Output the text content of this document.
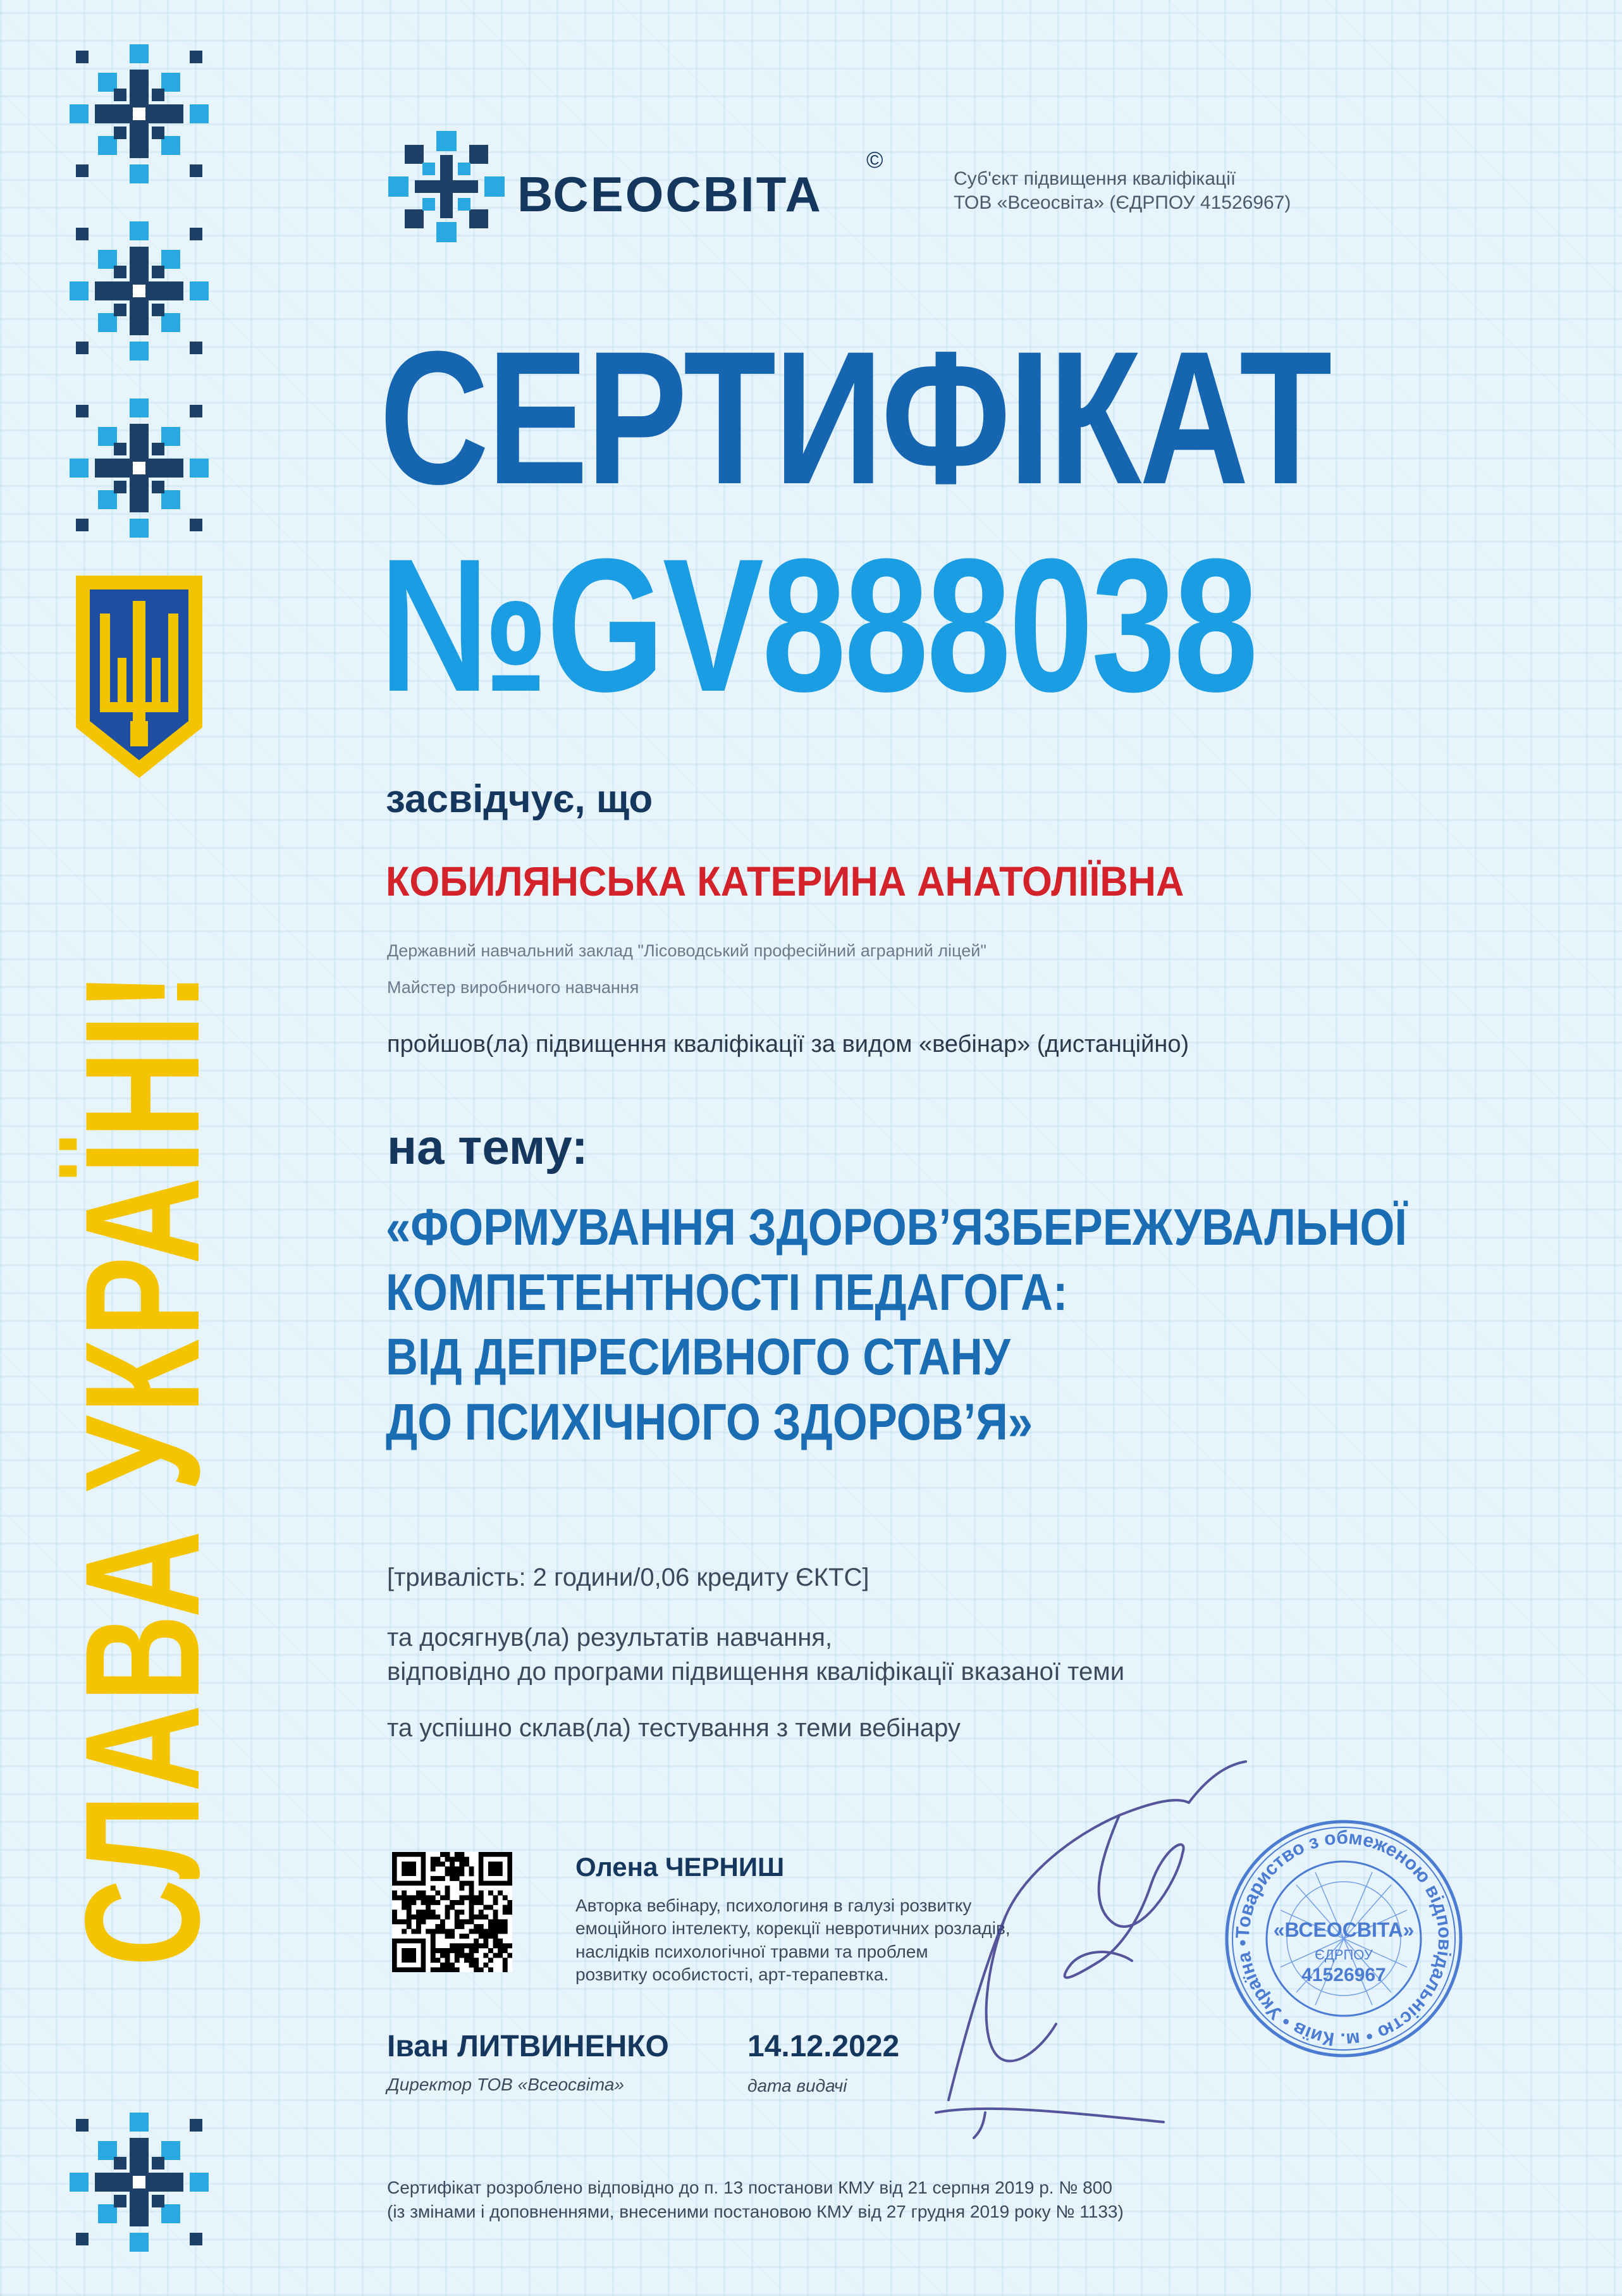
СЛАВА УКРАЇНІ!
ВСЕОСВІТА
©
Суб'єкт підвищення кваліфікації
ТОВ «Всеосвіта» (ЄДРПОУ 41526967)
СЕРТИФІКАТ
№GV888038
засвідчує, що
КОБИЛЯНСЬКА КАТЕРИНА АНАТОЛІЇВНА
Державний навчальний заклад "Лісоводський професійний аграрний ліцей"
Майстер виробничого навчання
пройшов(ла) підвищення кваліфікації за видом «вебінар» (дистанційно)
на тему:
«ФОРМУВАННЯ ЗДОРОВ’ЯЗБЕРЕЖУВАЛЬНОЇ
КОМПЕТЕНТНОСТІ ПЕДАГОГА:
ВІД ДЕПРЕСИВНОГО СТАНУ
ДО ПСИХІЧНОГО ЗДОРОВ’Я»
[тривалість: 2 години/0,06 кредиту ЄКТС]
та досягнув(ла) результатів навчання,
відповідно до програми підвищення кваліфікації вказаної теми
та успішно склав(ла) тестування з теми вебінару
Олена ЧЕРНИШ
Авторка вебінару, психологиня в галузі розвитку
емоційного інтелекту, корекції невротичних розладів,
наслідків психологічної травми та проблем
розвитку особистості, арт-терапевтка.
Іван ЛИТВИНЕНКО
Директор ТОВ «Всеосвіта»
14.12.2022
дата видачі
Товариство з обмеженою відповідальністю • м. Київ • Україна •
«ВСЕОСВІТА»
ЄДРПОУ
41526967
Сертифікат розроблено відповідно до п. 13 постанови КМУ від 21 серпня 2019 р. № 800
(із змінами і доповненнями, внесеними постановою КМУ від 27 грудня 2019 року № 1133)
